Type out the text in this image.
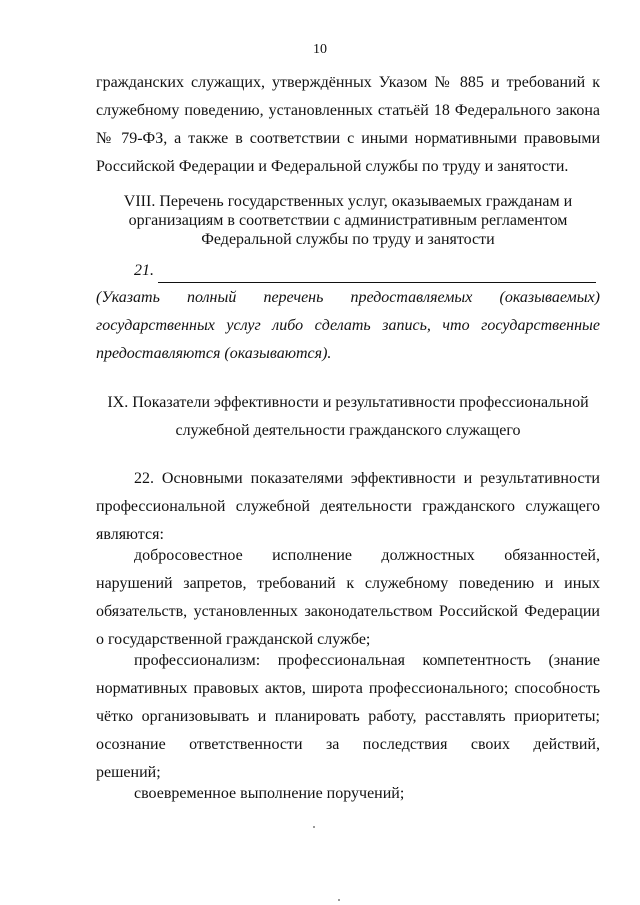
10
гражданских служащих, утверждённых Указом № 885 и требований к
служебному поведению, установленных статьёй 18 Федерального закона
№ 79-ФЗ, а также в соответствии с иными нормативными правовыми
Российской Федерации и Федеральной службы по труду и занятости.
VIII. Перечень государственных услуг, оказываемых гражданам и
организациям в соответствии с административным регламентом
Федеральной службы по труду и занятости
21.
(Указать полный перечень предоставляемых (оказываемых)
государственных услуг либо сделать запись, что государственные
предоставляются (оказываются).
IX. Показатели эффективности и результативности профессиональной
служебной деятельности гражданского служащего
22. Основными показателями эффективности и результативности
профессиональной служебной деятельности гражданского служащего
являются:
добросовестное исполнение должностных обязанностей,
нарушений запретов, требований к служебному поведению и иных
обязательств, установленных законодательством Российской Федерации
о государственной гражданской службе;
профессионализм: профессиональная компетентность (знание
нормативных правовых актов, широта профессионального; способность
чётко организовывать и планировать работу, расставлять приоритеты;
осознание ответственности за последствия своих действий,
решений;
своевременное выполнение поручений;
